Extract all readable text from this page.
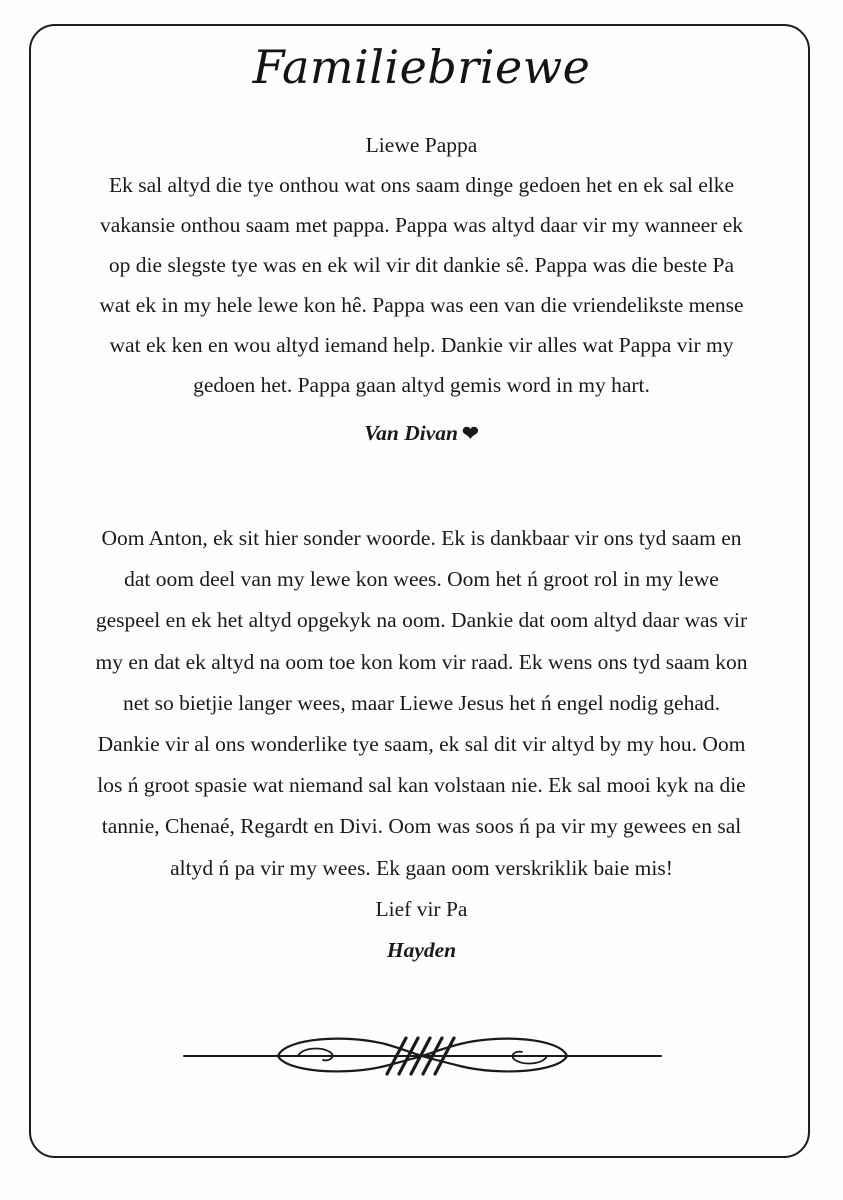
Familiebriewe
Liewe Pappa
Ek sal altyd die tye onthou wat ons saam dinge gedoen het en ek sal elke
vakansie onthou saam met pappa. Pappa was altyd daar vir my wanneer ek
op die slegste tye was en ek wil vir dit dankie sê. Pappa was die beste Pa
wat ek in my hele lewe kon hê. Pappa was een van die vriendelikste mense
wat ek ken en wou altyd iemand help. Dankie vir alles wat Pappa vir my
gedoen het. Pappa gaan altyd gemis word in my hart.
Van Divan ❤
Oom Anton, ek sit hier sonder woorde. Ek is dankbaar vir ons tyd saam en
dat oom deel van my lewe kon wees. Oom het ń groot rol in my lewe
gespeel en ek het altyd opgekyk na oom. Dankie dat oom altyd daar was vir
my en dat ek altyd na oom toe kon kom vir raad. Ek wens ons tyd saam kon
net so bietjie langer wees, maar Liewe Jesus het ń engel nodig gehad.
Dankie vir al ons wonderlike tye saam, ek sal dit vir altyd by my hou. Oom
los ń groot spasie wat niemand sal kan volstaan nie. Ek sal mooi kyk na die
tannie, Chenaé, Regardt en Divi. Oom was soos ń pa vir my gewees en sal
altyd ń pa vir my wees. Ek gaan oom verskriklik baie mis!
Lief vir Pa
Hayden
